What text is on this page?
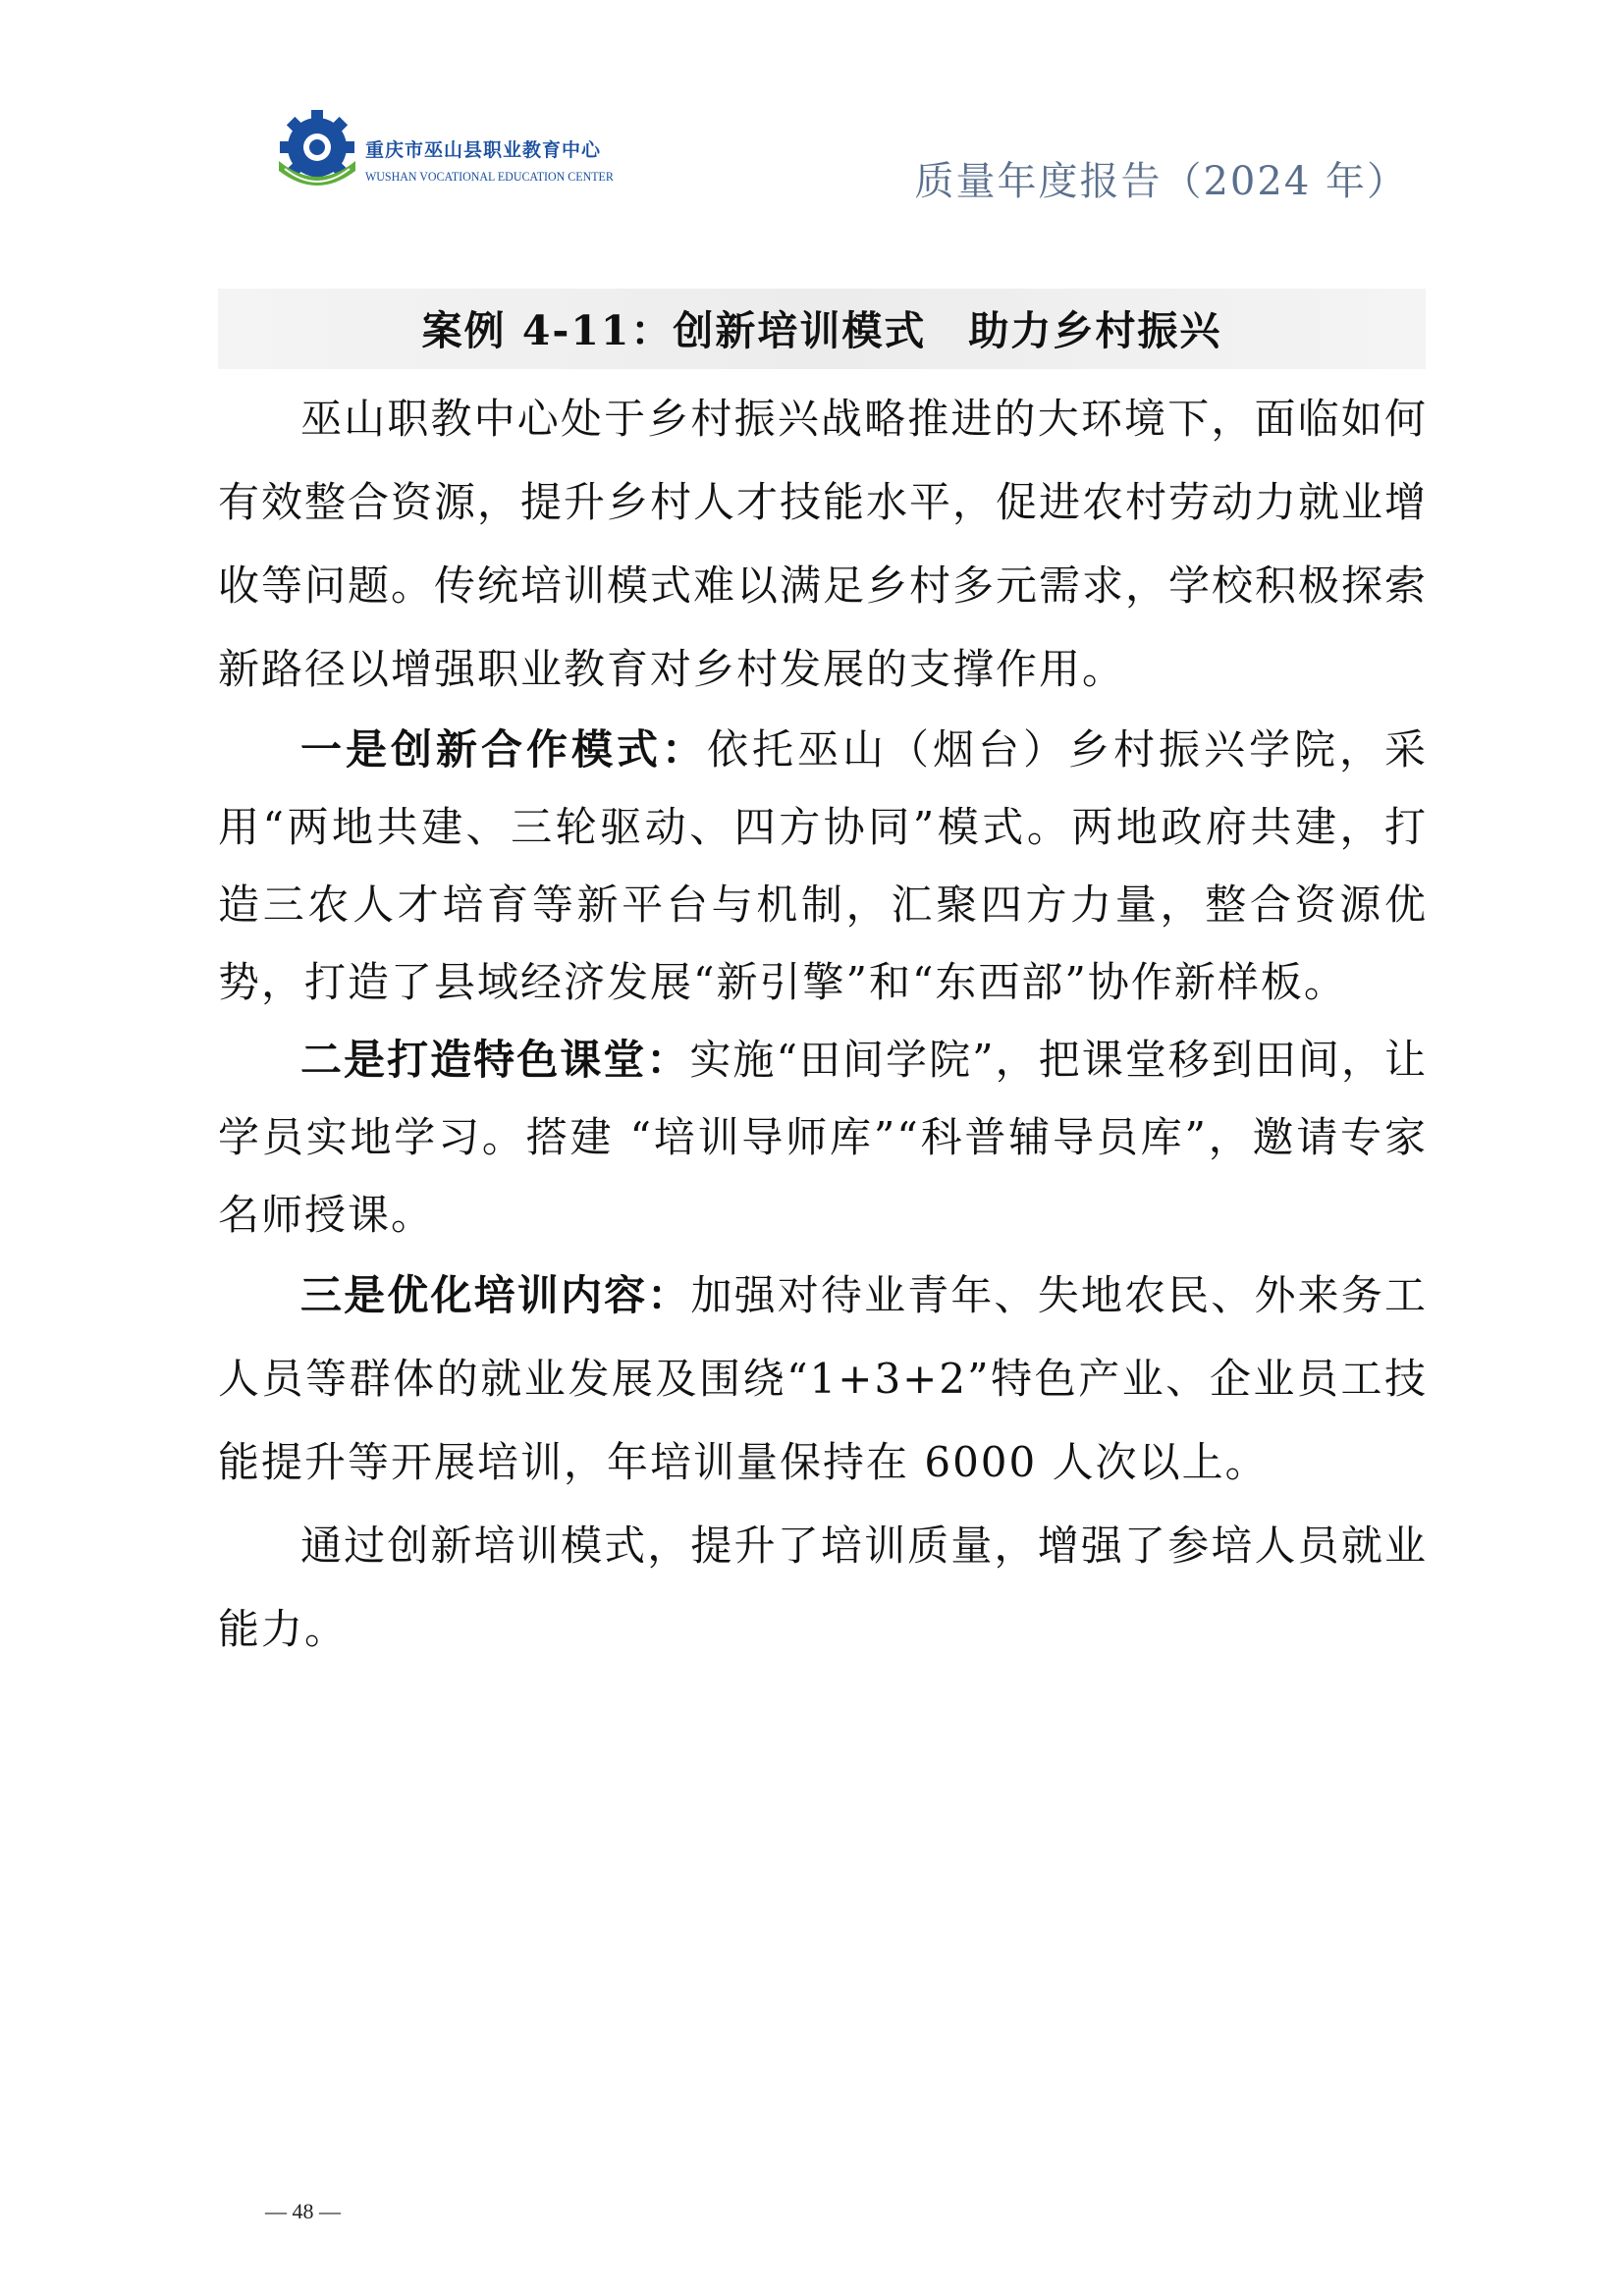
重庆市巫山县职业教育中心
WUSHAN VOCATIONAL EDUCATION CENTER	质量年度报告（2024 年）
案例 4-11：创新培训模式　助力乡村振兴

巫山职教中心处于乡村振兴战略推进的大环境下，面临如何有效整合资源，提升乡村人才技能水平，促进农村劳动力就业增收等问题。传统培训模式难以满足乡村多元需求，学校积极探索新路径以增强职业教育对乡村发展的支撑作用。

一是创新合作模式：依托巫山（烟台）乡村振兴学院，采用“两地共建、三轮驱动、四方协同”模式。两地政府共建，打造三农人才培育等新平台与机制，汇聚四方力量，整合资源优势，打造了县域经济发展“新引擎”和“东西部”协作新样板。

二是打造特色课堂：实施“田间学院”，把课堂移到田间，让学员实地学习。搭建 “培训导师库”“科普辅导员库”，邀请专家名师授课。

三是优化培训内容：加强对待业青年、失地农民、外来务工人员等群体的就业发展及围绕“1+3+2”特色产业、企业员工技能提升等开展培训，年培训量保持在 6000 人次以上。

通过创新培训模式，提升了培训质量，增强了参培人员就业能力。

— 48 —
